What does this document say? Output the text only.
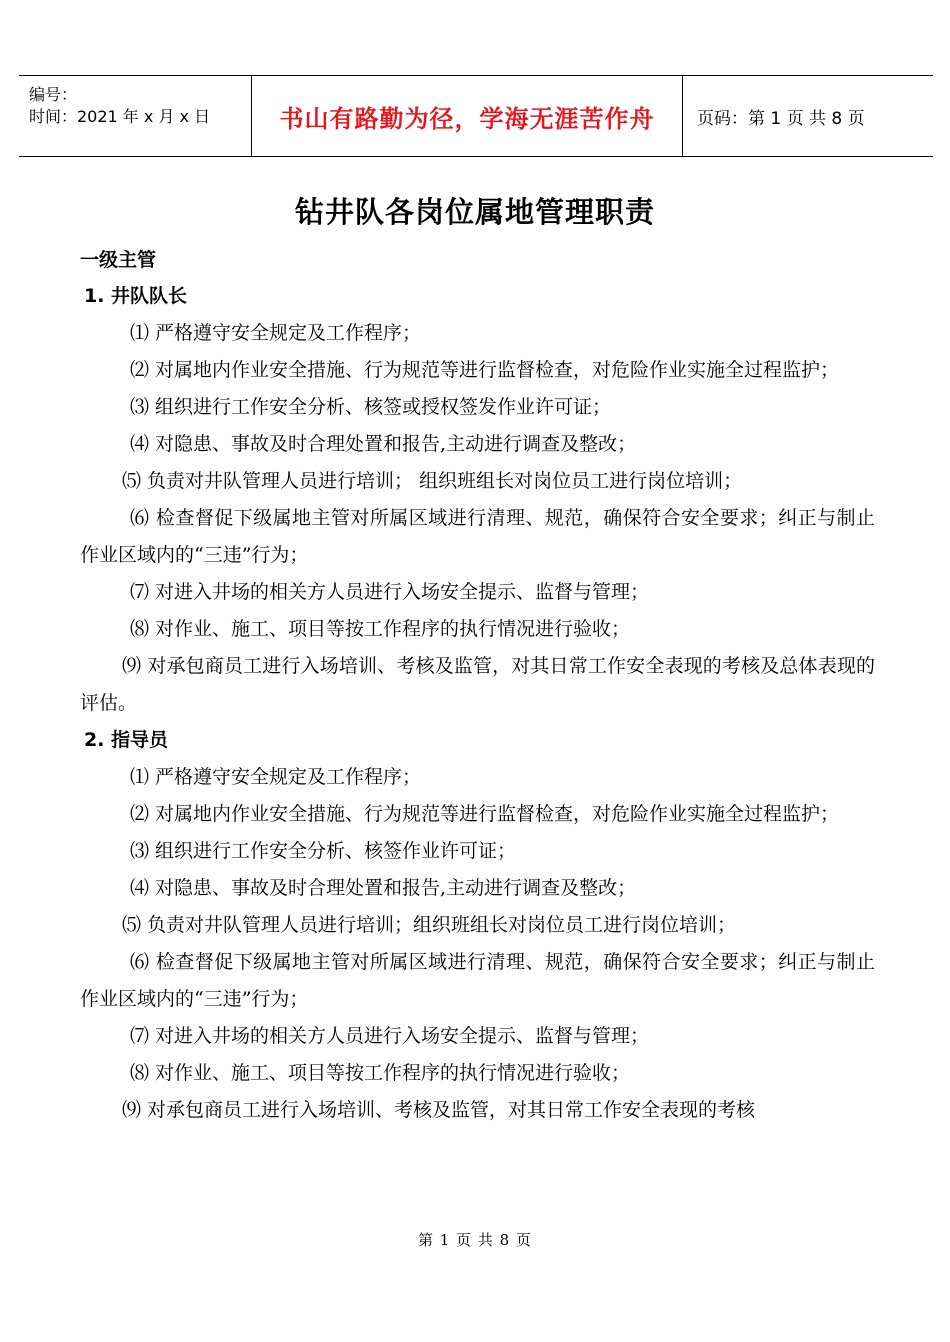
编号：
时间：2021 年 x 月 x 日	书山有路勤为径，学海无涯苦作舟	页码：第 1 页 共 8 页
钻井队各岗位属地管理职责
一级主管
1. 井队队长
⑴ 严格遵守安全规定及工作程序；
⑵ 对属地内作业安全措施、行为规范等进行监督检查，对危险作业实施全过程监护；
⑶ 组织进行工作安全分析、核签或授权签发作业许可证；
⑷ 对隐患、事故及时合理处置和报告,主动进行调查及整改；
⑸ 负责对井队管理人员进行培训； 组织班组长对岗位员工进行岗位培训；
⑹ 检查督促下级属地主管对所属区域进行清理、规范，确保符合安全要求；纠正与制止作业区域内的“三违”行为；
⑺ 对进入井场的相关方人员进行入场安全提示、监督与管理；
⑻ 对作业、施工、项目等按工作程序的执行情况进行验收；
⑼ 对承包商员工进行入场培训、考核及监管，对其日常工作安全表现的考核及总体表现的评估。
2. 指导员
⑴ 严格遵守安全规定及工作程序；
⑵ 对属地内作业安全措施、行为规范等进行监督检查，对危险作业实施全过程监护；
⑶ 组织进行工作安全分析、核签作业许可证；
⑷ 对隐患、事故及时合理处置和报告,主动进行调查及整改；
⑸ 负责对井队管理人员进行培训；组织班组长对岗位员工进行岗位培训；
⑹ 检查督促下级属地主管对所属区域进行清理、规范，确保符合安全要求；纠正与制止作业区域内的“三违”行为；
⑺ 对进入井场的相关方人员进行入场安全提示、监督与管理；
⑻ 对作业、施工、项目等按工作程序的执行情况进行验收；
⑼ 对承包商员工进行入场培训、考核及监管，对其日常工作安全表现的考核
第 1 页 共 8 页
